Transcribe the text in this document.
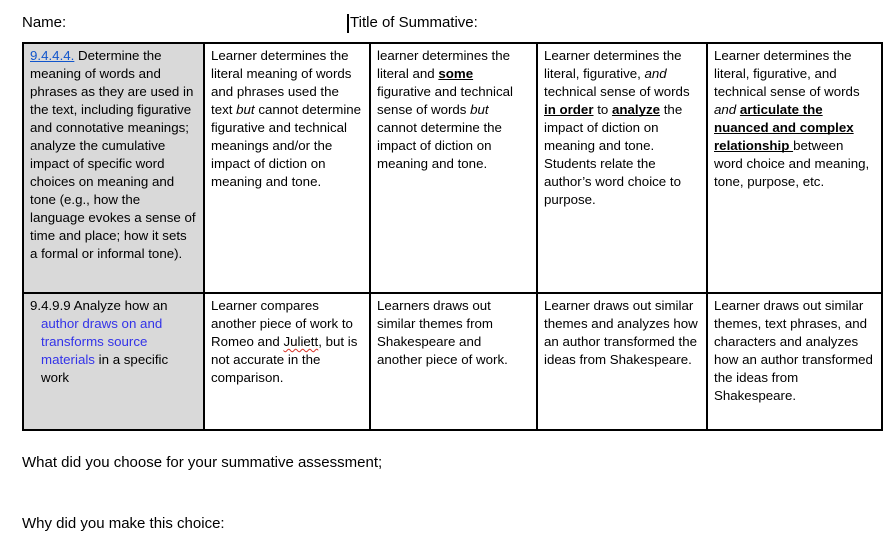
Name:	Title of Summative:
9.4.4.4. Determine the meaning of words and phrases as they are used in the text, including figurative and connotative meanings; analyze the cumulative impact of specific word choices on meaning and tone (e.g., how the language evokes a sense of time and place; how it sets a formal or informal tone).	Learner determines the literal meaning of words and phrases used the text but cannot determine figurative and technical meanings and/or the impact of diction on meaning and tone.	learner determines the literal and some figurative and technical sense of words but cannot determine the impact of diction on meaning and tone.	Learner determines the literal, figurative, and technical sense of words in order to analyze the impact of diction on meaning and tone. Students relate the author’s word choice to purpose.	Learner determines the literal, figurative, and technical sense of words and articulate the nuanced and complex relationship between word choice and meaning, tone, purpose, etc.

9.4.9.9 Analyze how an author draws on and transforms source materials in a specific work	Learner compares another piece of work to Romeo and Juliett, but is not accurate in the comparison.	Learners draws out similar themes from Shakespeare and another piece of work.	Learner draws out similar themes and analyzes how an author transformed the ideas from Shakespeare.	Learner draws out similar themes, text phrases, and characters and analyzes how an author transformed the ideas from Shakespeare.
What did you choose for your summative assessment;
Why did you make this choice:
